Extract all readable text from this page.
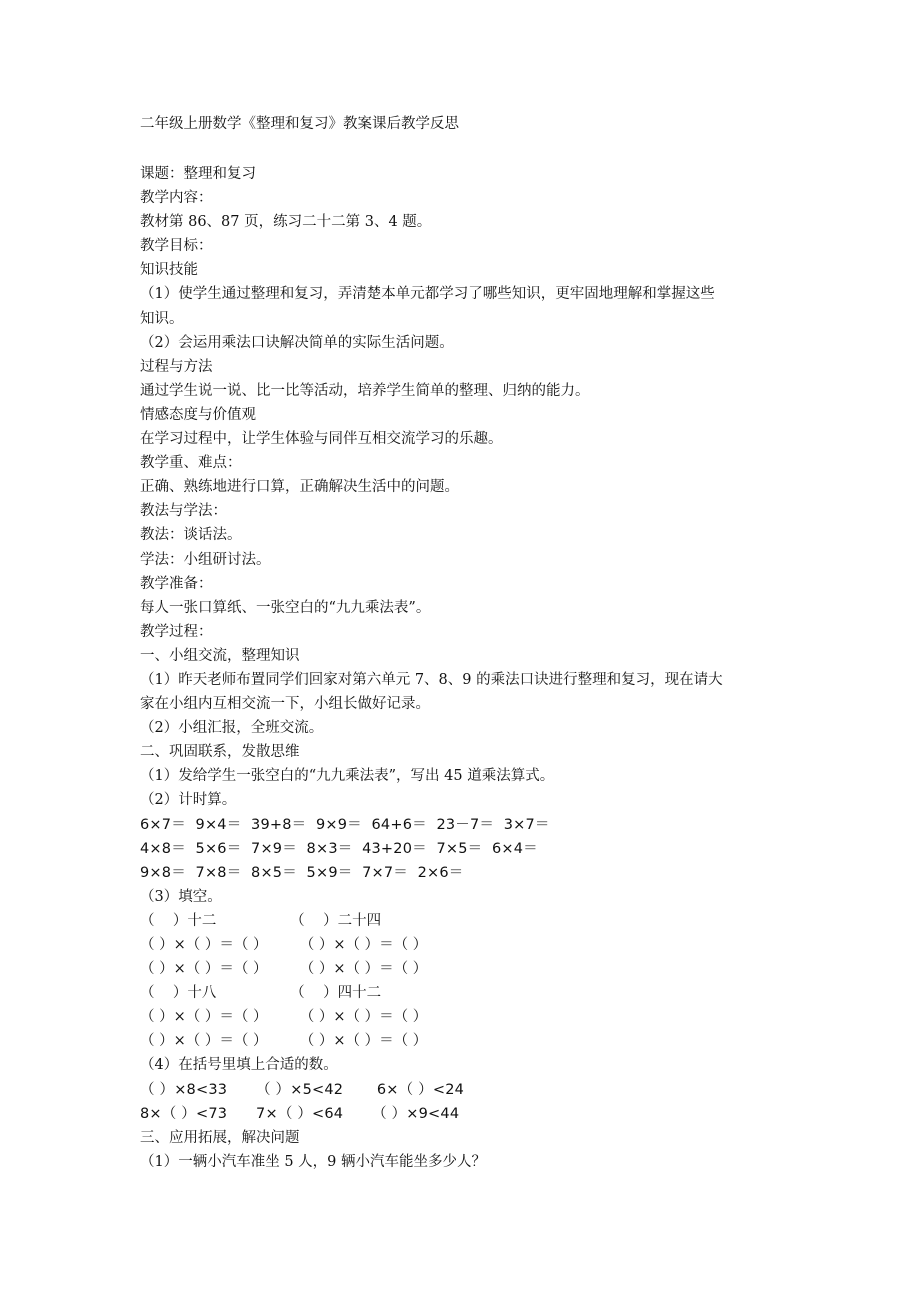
二年级上册数学《整理和复习》教案课后教学反思
课题：整理和复习
教学内容：
教材第 86、87 页，练习二十二第 3、4 题。
教学目标：
知识技能
（1）使学生通过整理和复习，弄清楚本单元都学习了哪些知识，更牢固地理解和掌握这些
知识。
（2）会运用乘法口诀解决简单的实际生活问题。
过程与方法
通过学生说一说、比一比等活动，培养学生简单的整理、归纳的能力。
情感态度与价值观
在学习过程中，让学生体验与同伴互相交流学习的乐趣。
教学重、难点：
正确、熟练地进行口算，正确解决生活中的问题。
教法与学法：
教法：谈话法。
学法：小组研讨法。
教学准备：
每人一张口算纸、一张空白的“九九乘法表”。
教学过程：
一、小组交流，整理知识
（1）昨天老师布置同学们回家对第六单元 7、8、9 的乘法口诀进行整理和复习，现在请大
家在小组内互相交流一下，小组长做好记录。
（2）小组汇报，全班交流。
二、巩固联系，发散思维
（1）发给学生一张空白的“九九乘法表”，写出 45 道乘法算式。
（2）计时算。
6×7＝  9×4＝  39+8＝  9×9＝  64+6＝  23－7＝  3×7＝
4×8＝  5×6＝  7×9＝  8×3＝  43+20＝  7×5＝  6×4＝
9×8＝  7×8＝  8×5＝  5×9＝  7×7＝  2×6＝
（3）填空。
（    ）十二                （    ）二十四
（ ）×（ ）＝（ ）       （ ）×（ ）＝（ ）
（ ）×（ ）＝（ ）       （ ）×（ ）＝（ ）
（    ）十八                （    ）四十二
（ ）×（ ）＝（ ）       （ ）×（ ）＝（ ）
（ ）×（ ）＝（ ）       （ ）×（ ）＝（ ）
（4）在括号里填上合适的数。
（ ）×8<33      （ ）×5<42       6×（ ）<24
8×（ ）<73      7×（ ）<64      （ ）×9<44
三、应用拓展，解决问题
（1）一辆小汽车准坐 5 人，9 辆小汽车能坐多少人？
